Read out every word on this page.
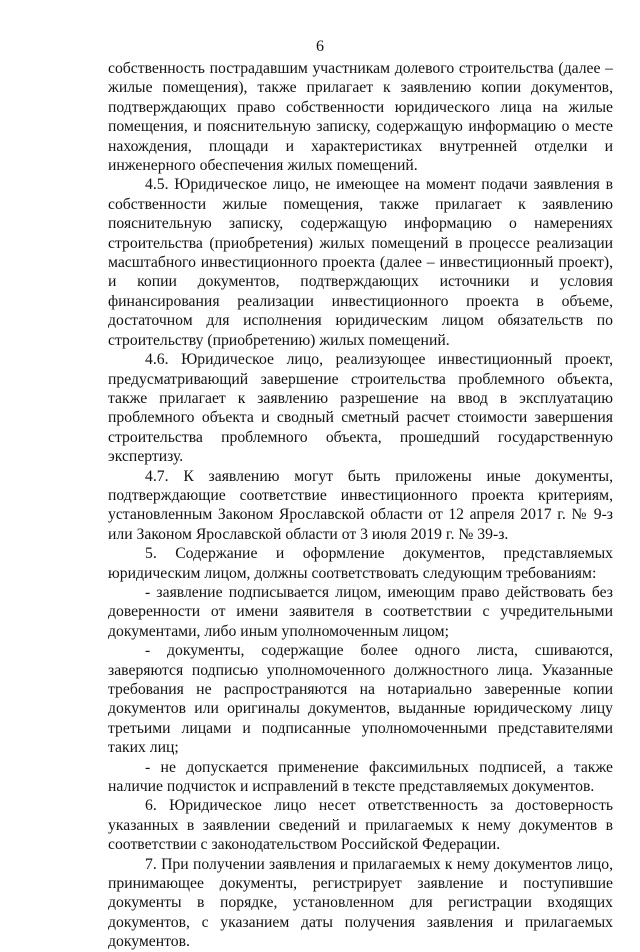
6

собственность пострадавшим участникам долевого строительства (далее – жилые помещения), также прилагает к заявлению копии документов, подтверждающих право собственности юридического лица на жилые помещения, и пояснительную записку, содержащую информацию о месте нахождения, площади и характеристиках внутренней отделки и инженерного обеспечения жилых помещений.

4.5. Юридическое лицо, не имеющее на момент подачи заявления в собственности жилые помещения, также прилагает к заявлению пояснительную записку, содержащую информацию о намерениях строительства (приобретения) жилых помещений в процессе реализации масштабного инвестиционного проекта (далее – инвестиционный проект), и копии документов, подтверждающих источники и условия финансирования реализации инвестиционного проекта в объеме, достаточном для исполнения юридическим лицом обязательств по строительству (приобретению) жилых помещений.

4.6. Юридическое лицо, реализующее инвестиционный проект, предусматривающий завершение строительства проблемного объекта, также прилагает к заявлению разрешение на ввод в эксплуатацию проблемного объекта и сводный сметный расчет стоимости завершения строительства проблемного объекта, прошедший государственную экспертизу.

4.7. К заявлению могут быть приложены иные документы, подтверждающие соответствие инвестиционного проекта критериям, установленным Законом Ярославской области от 12 апреля 2017 г. № 9-з или Законом Ярославской области от 3 июля 2019 г. № 39-з.

5. Содержание и оформление документов, представляемых юридическим лицом, должны соответствовать следующим требованиям:

- заявление подписывается лицом, имеющим право действовать без доверенности от имени заявителя в соответствии с учредительными документами, либо иным уполномоченным лицом;

- документы, содержащие более одного листа, сшиваются, заверяются подписью уполномоченного должностного лица. Указанные требования не распространяются на нотариально заверенные копии документов или оригиналы документов, выданные юридическому лицу третьими лицами и подписанные уполномоченными представителями таких лиц;

- не допускается применение факсимильных подписей, а также наличие подчисток и исправлений в тексте представляемых документов.

6. Юридическое лицо несет ответственность за достоверность указанных в заявлении сведений и прилагаемых к нему документов в соответствии с законодательством Российской Федерации.

7. При получении заявления и прилагаемых к нему документов лицо, принимающее документы, регистрирует заявление и поступившие документы в порядке, установленном для регистрации входящих документов, с указанием даты получения заявления и прилагаемых документов.
